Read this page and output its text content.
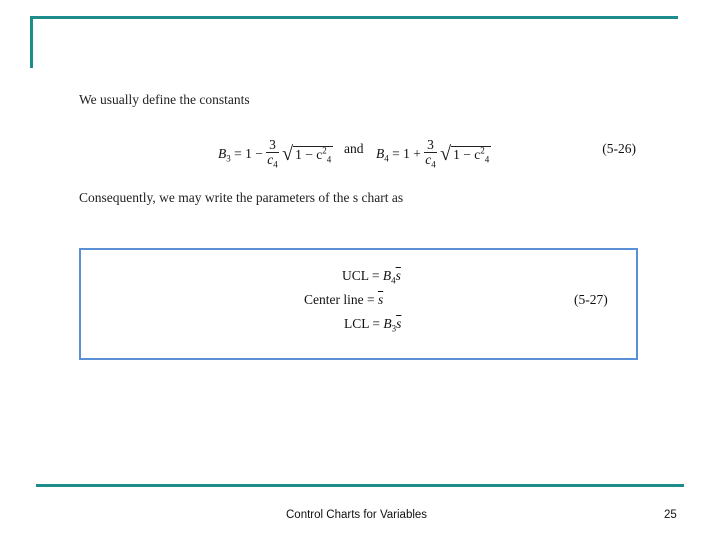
We usually define the constants
$B_3 = 1 - \frac{3}{c_4}$ √ $1 - c^2_4$
and $B_4 = 1 + \frac{3}{c_4}$ √ $1 - c^2_4$
(5-26)
Consequently, we may write the parameters of the s chart as
UCL = $B_4\overline{s}$
Center line = $\overline{s}$
LCL = $B_3\overline{s}$
(5-27)
Control Charts for Variables	25
